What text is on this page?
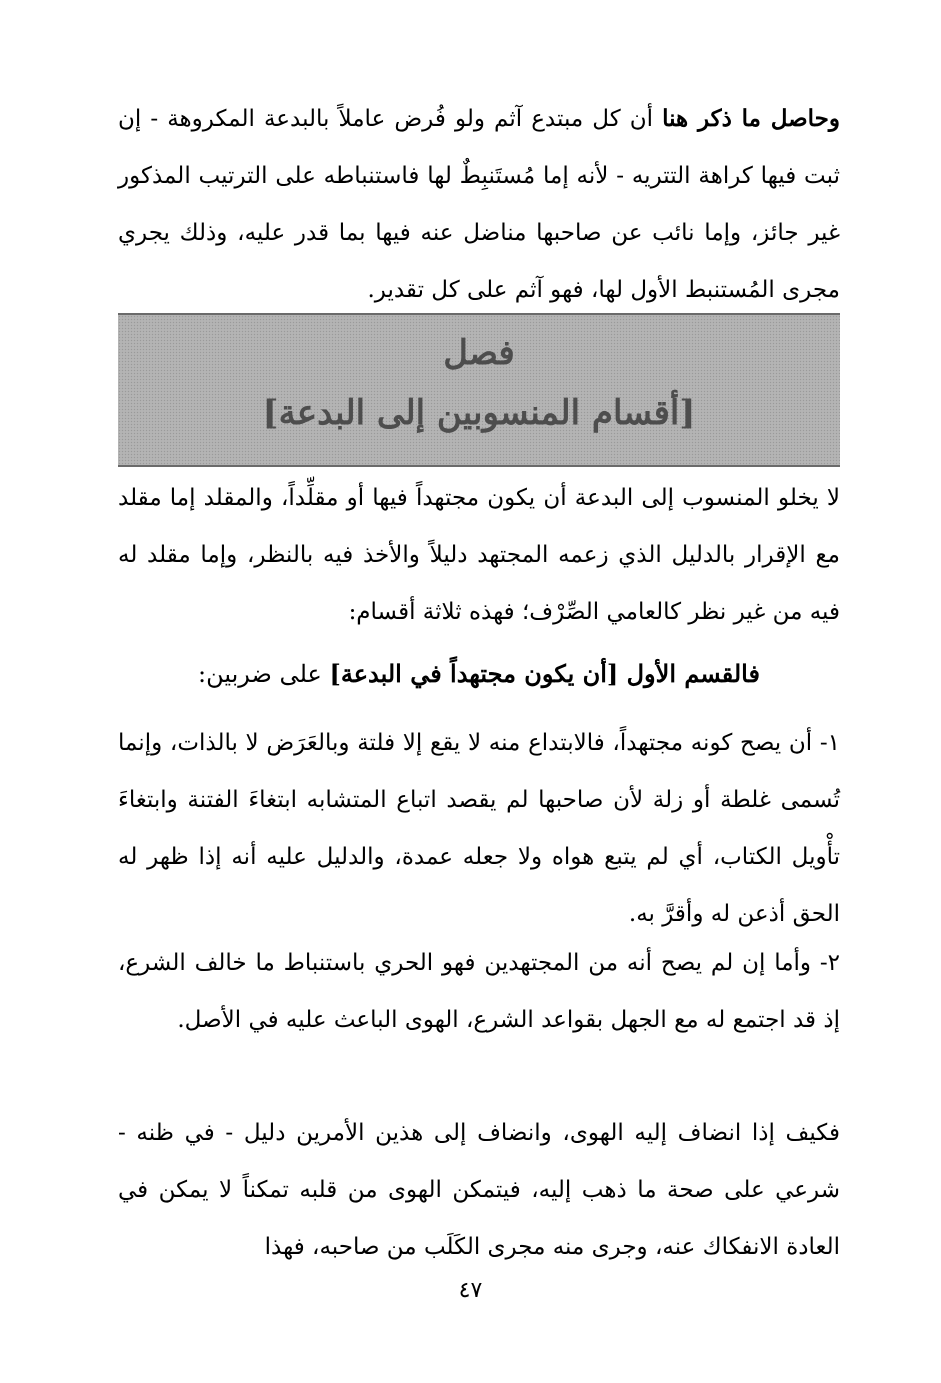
وحاصل ما ذكر هنا أن كل مبتدع آثم ولو فُرض عاملاً بالبدعة المكروهة - إن ثبت فيها كراهة التتريه - لأنه إما مُستَنبِطٌ لها فاستنباطه على الترتيب المذكور غير جائز، وإما نائب عن صاحبها مناضل عنه فيها بما قدر عليه، وذلك يجري مجرى المُستنبط الأول لها، فهو آثم على كل تقدير.

فصل
[أقسام المنسوبين إلى البدعة]

لا يخلو المنسوب إلى البدعة أن يكون مجتهداً فيها أو مقلِّداً، والمقلد إما مقلد مع الإقرار بالدليل الذي زعمه المجتهد دليلاً والأخذ فيه بالنظر، وإما مقلد له فيه من غير نظر كالعامي الصِّرْف؛ فهذه ثلاثة أقسام:

فالقسم الأول [أن يكون مجتهداً في البدعة] على ضربين:

١- أن يصح كونه مجتهداً، فالابتداع منه لا يقع إلا فلتة وبالعَرَض لا بالذات، وإنما تُسمى غلطة أو زلة لأن صاحبها لم يقصد اتباع المتشابه ابتغاءَ الفتنة وابتغاءَ تأْويل الكتاب، أي لم يتبع هواه ولا جعله عمدة، والدليل عليه أنه إذا ظهر له الحق أذعن له وأقرَّ به.

٢- وأما إن لم يصح أنه من المجتهدين فهو الحري باستنباط ما خالف الشرع، إذ قد اجتمع له مع الجهل بقواعد الشرع، الهوى الباعث عليه في الأصل.

فكيف إذا انضاف إليه الهوى، وانضاف إلى هذين الأمرين دليل - في ظنه - شرعي على صحة ما ذهب إليه، فيتمكن الهوى من قلبه تمكناً لا يمكن في العادة الانفكاك عنه، وجرى منه مجرى الكَلَب من صاحبه، فهذا

٤٧
